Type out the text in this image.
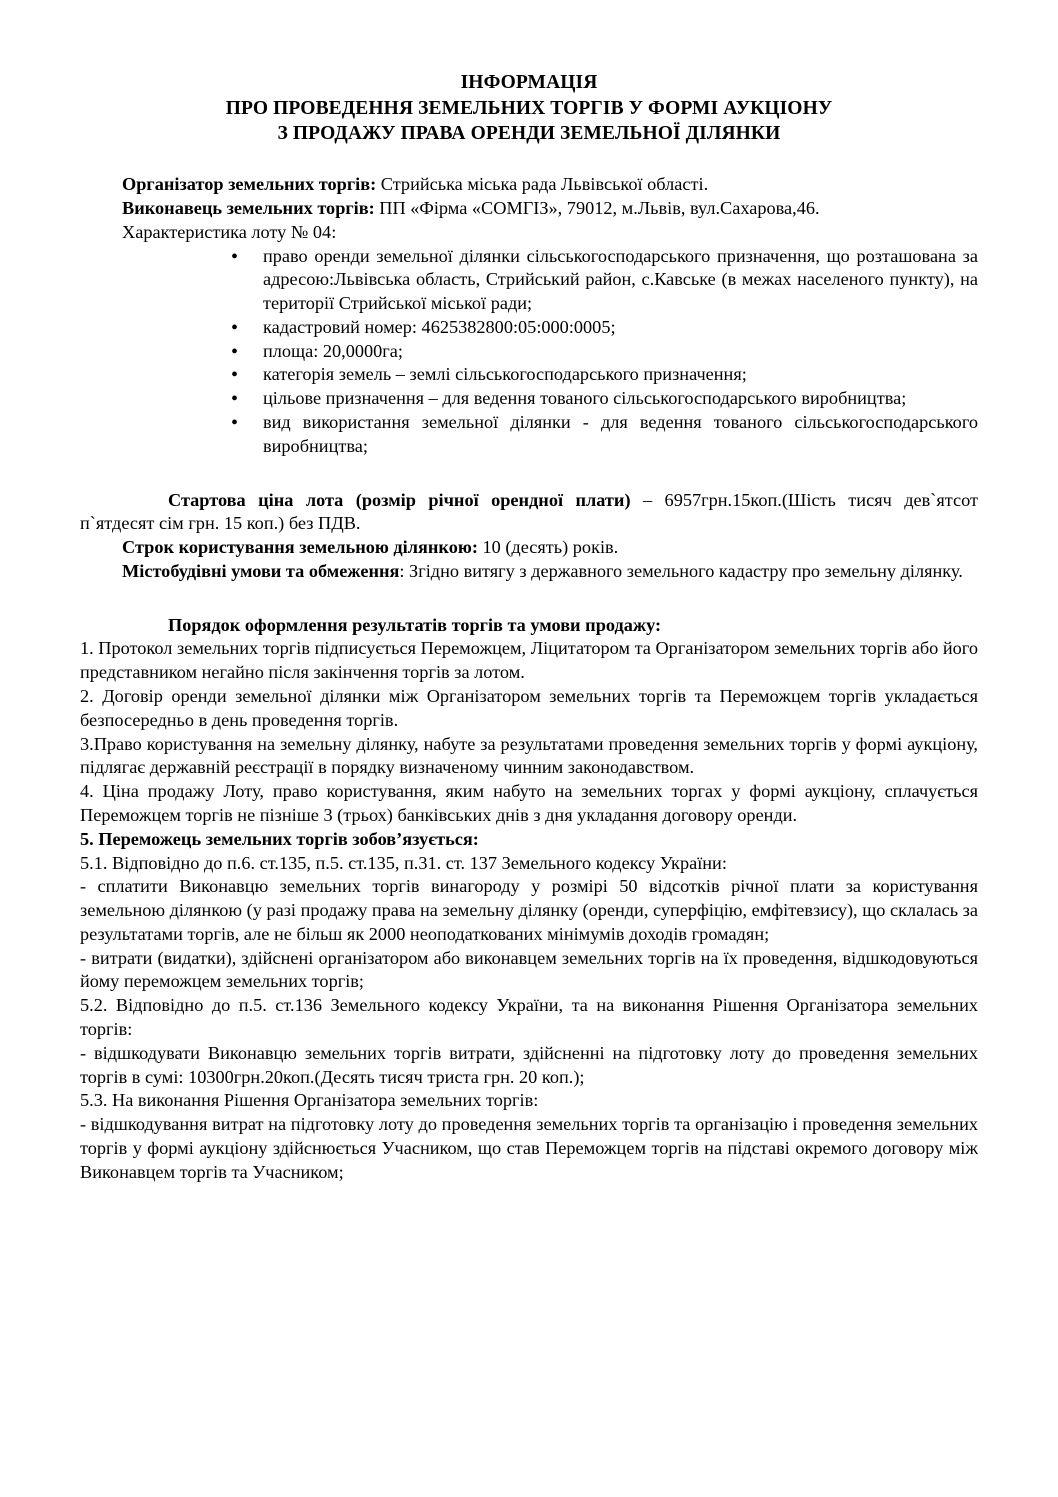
ІНФОРМАЦІЯ
ПРО ПРОВЕДЕННЯ ЗЕМЕЛЬНИХ ТОРГІВ У ФОРМІ АУКЦІОНУ
З ПРОДАЖУ ПРАВА ОРЕНДИ ЗЕМЕЛЬНОЇ ДІЛЯНКИ
Організатор земельних торгів: Стрийська міська рада Львівської області.
Виконавець земельних торгів: ПП «Фірма «СОМГІЗ», 79012, м.Львів, вул.Сахарова,46.
Характеристика лоту № 04:
• право оренди земельної ділянки сільськогосподарського призначення, що розташована за адресою:Львівська область, Стрийський район, с.Кавське (в межах населеного пункту), на території Стрийської міської ради;
• кадастровий номер: 4625382800:05:000:0005;
• площа: 20,0000га;
• категорія земель – землі сільськогосподарського призначення;
• цільове призначення – для ведення тованого сільськогосподарського виробництва;
• вид використання земельної ділянки - для ведення тованого сільськогосподарського виробництва;

Стартова ціна лота (розмір річної орендної плати) – 6957грн.15коп.(Шість тисяч дев`ятсот п`ятдесят сім грн. 15 коп.) без ПДВ.

Строк користування земельною ділянкою: 10 (десять) років.

Містобудівні умови та обмеження: Згідно витягу з державного земельного кадастру про земельну ділянку.

Порядок оформлення результатів торгів та умови продажу:

1. Протокол земельних торгів підписується Переможцем, Ліцитатором та Організатором земельних торгів або його представником негайно після закінчення торгів за лотом.

2. Договір оренди земельної ділянки між Організатором земельних торгів та Переможцем торгів укладається безпосередньо в день проведення торгів.

3.Право користування на земельну ділянку, набуте за результатами проведення земельних торгів у формі аукціону, підлягає державній реєстрації в порядку визначеному чинним законодавством.

4. Ціна продажу Лоту, право користування, яким набуто на земельних торгах у формі аукціону, сплачується Переможцем торгів не пізніше 3 (трьох) банківських днів з дня укладання договору оренди.

5. Переможець земельних торгів зобов’язується:

5.1. Відповідно до п.6. ст.135, п.5. ст.135, п.31. ст. 137 Земельного кодексу України:

- сплатити Виконавцю земельних торгів винагороду у розмірі 50 відсотків річної плати за користування земельною ділянкою (у разі продажу права на земельну ділянку (оренди, суперфіцію, емфітевзису), що склалась за результатами торгів, але не більш як 2000 неоподаткованих мінімумів доходів громадян;

- витрати (видатки), здійснені організатором або виконавцем земельних торгів на їх проведення, відшкодовуються йому переможцем земельних торгів;

5.2. Відповідно до п.5. ст.136 Земельного кодексу України, та на виконання Рішення Організатора земельних торгів:

- відшкодувати Виконавцю земельних торгів витрати, здійсненні на підготовку лоту до проведення земельних торгів в сумі: 10300грн.20коп.(Десять тисяч триста грн. 20 коп.);

5.3. На виконання Рішення Організатора земельних торгів:

- відшкодування витрат на підготовку лоту до проведення земельних торгів та організацію і проведення земельних торгів у формі аукціону здійснюється Учасником, що став Переможцем торгів на підставі окремого договору між Виконавцем торгів та Учасником;
